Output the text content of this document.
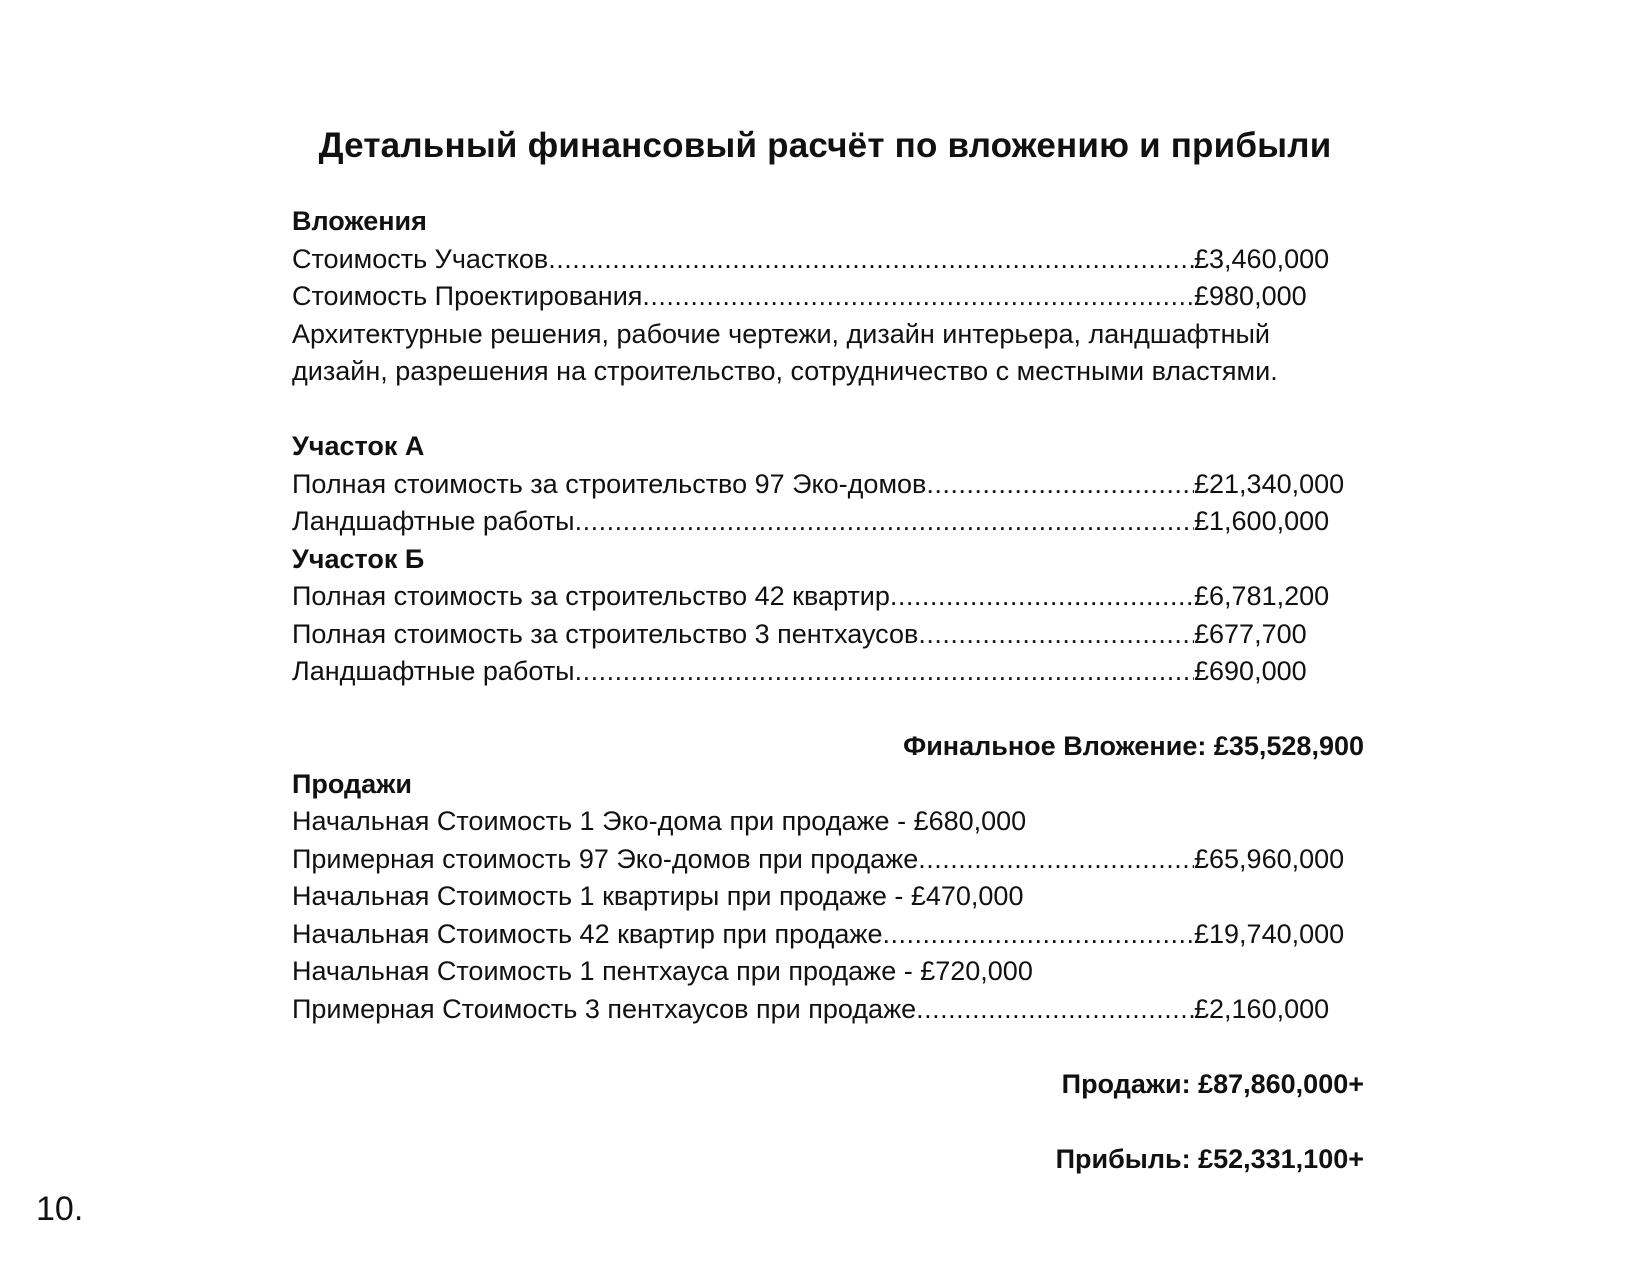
Детальный финансовый расчёт по вложению и прибыли
Вложения
Стоимость Участков .....	£3,460,000
Стоимость Проектирования .....	£980,000
Архитектурные решения, рабочие чертежи, дизайн интерьера, ландшафтный
дизайн, разрешения на строительство, сотрудничество с местными властями.
Участок А
Полная стоимость за строительство 97 Эко-домов .....	£21,340,000
Ландшафтные работы .....	£1,600,000
Участок Б
Полная стоимость за строительство 42 квартир .....	£6,781,200
Полная стоимость за строительство 3 пентхаусов .....	£677,700
Ландшафтные работы .....	£690,000
Финальное Вложение: £35,528,900
Продажи
Начальная Стоимость 1 Эко-дома при продаже - £680,000
Примерная стоимость 97 Эко-домов при продаже .....	£65,960,000
Начальная Стоимость 1 квартиры при продаже - £470,000
Начальная Стоимость 42 квартир при продаже .....	£19,740,000
Начальная Стоимость 1 пентхауса при продаже - £720,000
Примерная Стоимость 3 пентхаусов при продаже .....	£2,160,000
Продажи: £87,860,000+
Прибыль: £52,331,100+
10.
